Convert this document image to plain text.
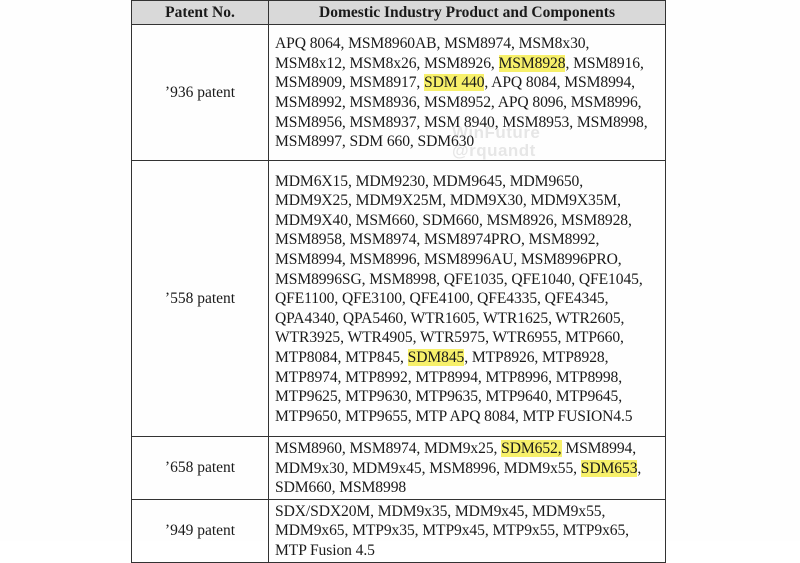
Patent No.	Domestic Industry Product and Components
’936 patent	APQ 8064, MSM8960AB, MSM8974, MSM8x30, MSM8x12, MSM8x26, MSM8926, MSM8928, MSM8916, MSM8909, MSM8917, SDM 440, APQ 8084, MSM8994, MSM8992, MSM8936, MSM8952, APQ 8096, MSM8996, MSM8956, MSM8937, MSM 8940, MSM8953, MSM8998, MSM8997, SDM 660, SDM630
’558 patent	MDM6X15, MDM9230, MDM9645, MDM9650, MDM9X25, MDM9X25M, MDM9X30, MDM9X35M, MDM9X40, MSM660, SDM660, MSM8926, MSM8928, MSM8958, MSM8974, MSM8974PRO, MSM8992, MSM8994, MSM8996, MSM8996AU, MSM8996PRO, MSM8996SG, MSM8998, QFE1035, QFE1040, QFE1045, QFE1100, QFE3100, QFE4100, QFE4335, QFE4345, QPA4340, QPA5460, WTR1605, WTR1625, WTR2605, WTR3925, WTR4905, WTR5975, WTR6955, MTP660, MTP8084, MTP845, SDM845, MTP8926, MTP8928, MTP8974, MTP8992, MTP8994, MTP8996, MTP8998, MTP9625, MTP9630, MTP9635, MTP9640, MTP9645, MTP9650, MTP9655, MTP APQ 8084, MTP FUSION4.5
’658 patent	MSM8960, MSM8974, MDM9x25, SDM652, MSM8994, MDM9x30, MDM9x45, MSM8996, MDM9x55, SDM653, SDM660, MSM8998
’949 patent	SDX/SDX20M, MDM9x35, MDM9x45, MDM9x55, MDM9x65, MTP9x35, MTP9x45, MTP9x55, MTP9x65, MTP Fusion 4.5
WinFuture
@rquandt
